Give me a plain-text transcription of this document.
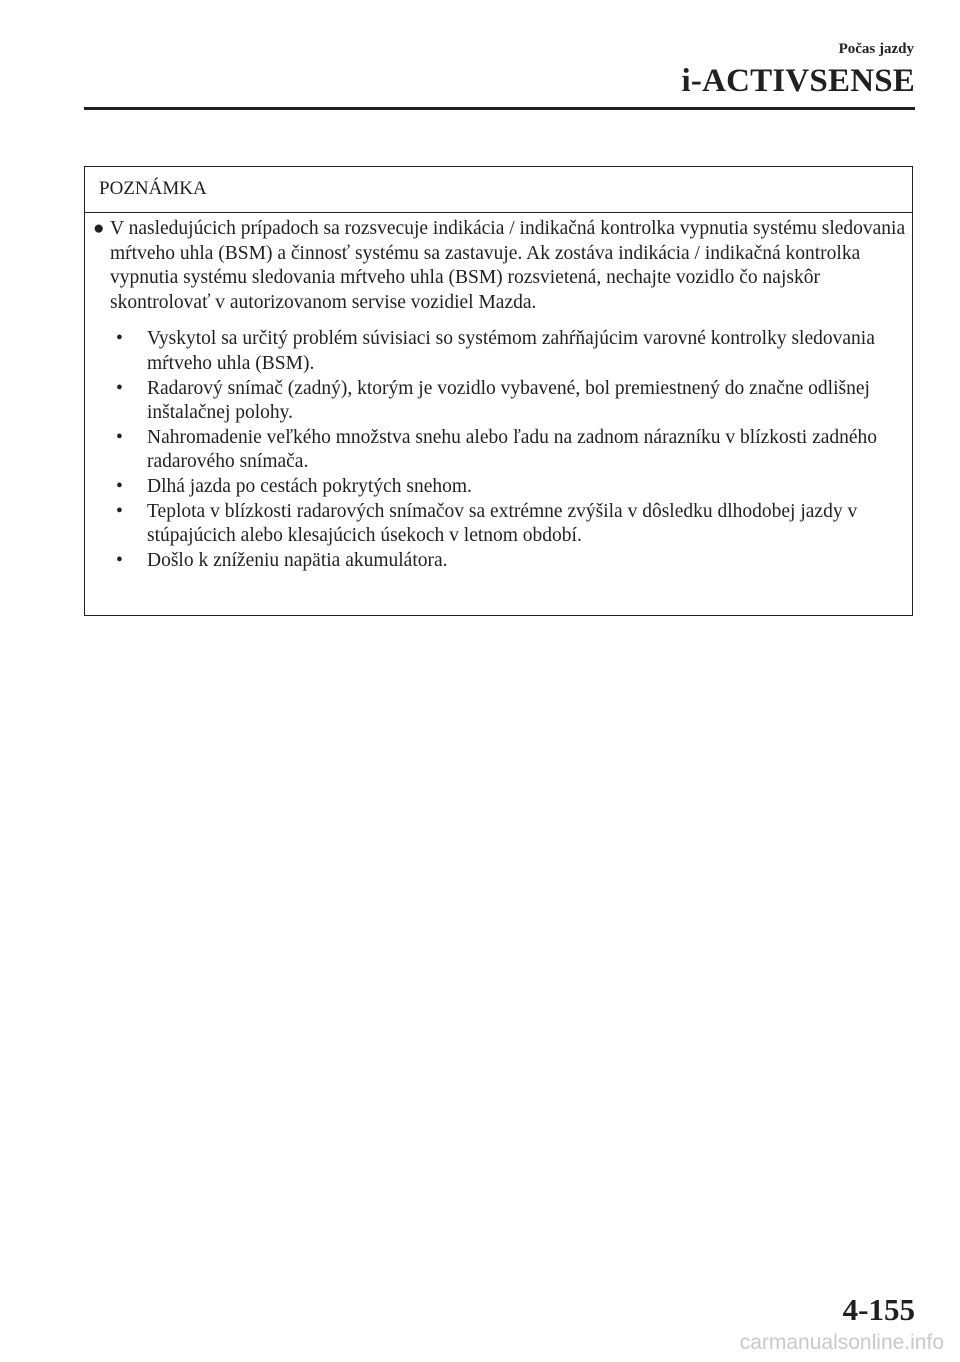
Počas jazdy
i-ACTIVSENSE
POZNÁMKA
● V nasledujúcich prípadoch sa rozsvecuje indikácia / indikačná kontrolka vypnutia systému sledovania mŕtveho uhla (BSM) a činnosť systému sa zastavuje. Ak zostáva indikácia / indikačná kontrolka vypnutia systému sledovania mŕtveho uhla (BSM) rozsvietená, nechajte vozidlo čo najskôr skontrolovať v autorizovanom servise vozidiel Mazda.
• Vyskytol sa určitý problém súvisiaci so systémom zahŕňajúcim varovné kontrolky sledovania mŕtveho uhla (BSM).
• Radarový snímač (zadný), ktorým je vozidlo vybavené, bol premiestnený do značne odlišnej inštalačnej polohy.
• Nahromadenie veľkého množstva snehu alebo ľadu na zadnom nárazníku v blízkosti zadného radarového snímača.
• Dlhá jazda po cestách pokrytých snehom.
• Teplota v blízkosti radarových snímačov sa extrémne zvýšila v dôsledku dlhodobej jazdy v stúpajúcich alebo klesajúcich úsekoch v letnom období.
• Došlo k zníženiu napätia akumulátora.
4-155
carmanualsonline.info
